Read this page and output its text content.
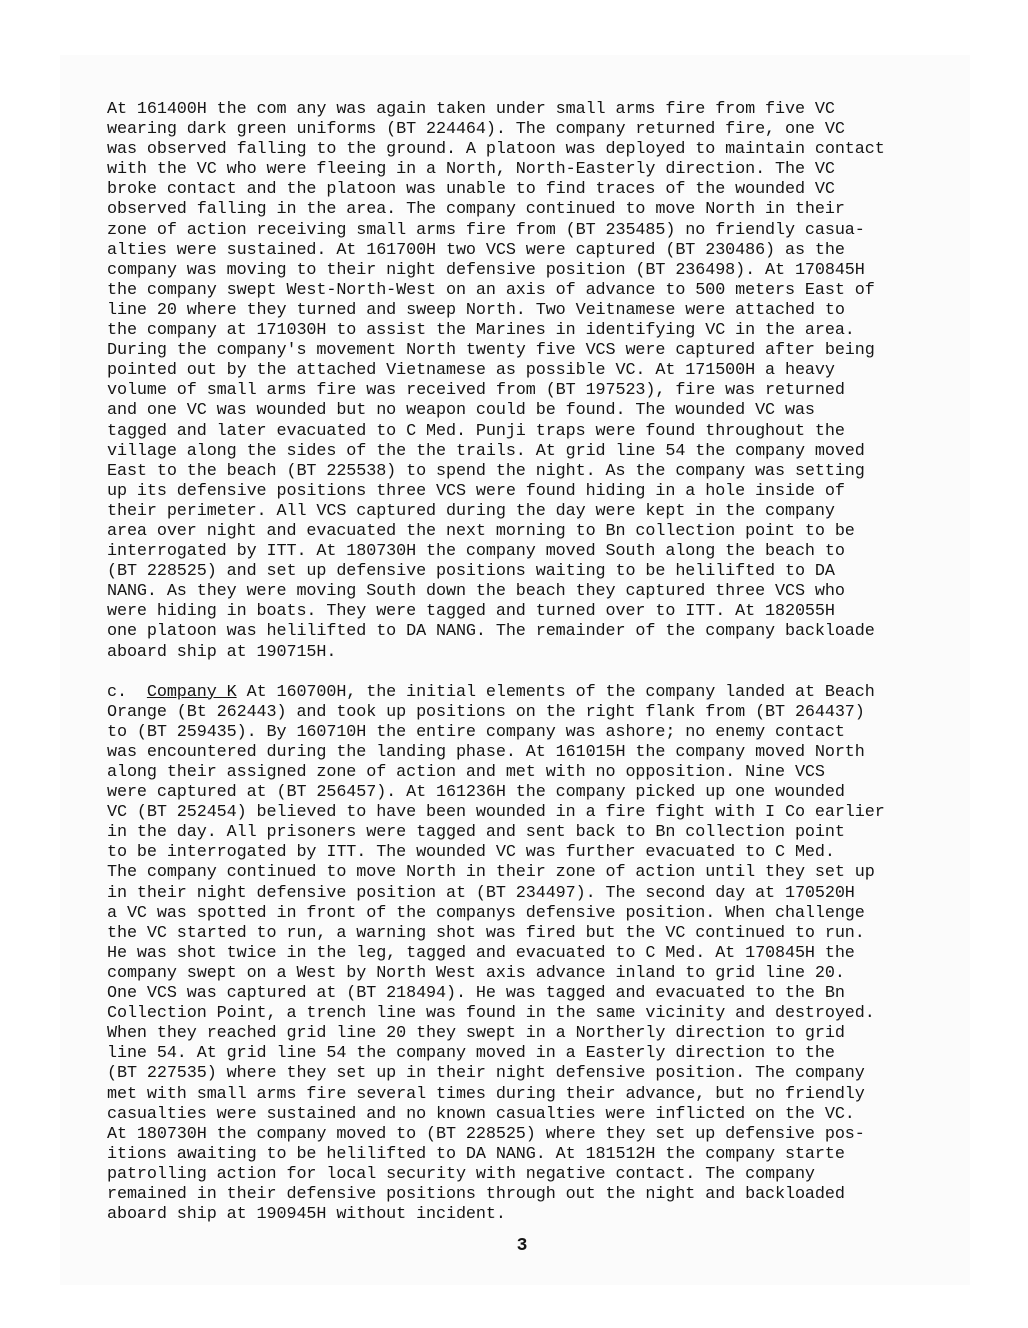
At 161400H the com any was again taken under small arms fire from five VC
wearing dark green uniforms (BT 224464). The company returned fire, one VC
was observed falling to the ground. A platoon was deployed to maintain contact
with the VC who were fleeing in a North, North-Easterly direction. The VC
broke contact and the platoon was unable to find traces of the wounded VC
observed falling in the area. The company continued to move North in their
zone of action receiving small arms fire from (BT 235485) no friendly casua-
alties were sustained. At 161700H two VCS were captured (BT 230486) as the
company was moving to their night defensive position (BT 236498). At 170845H
the company swept West-North-West on an axis of advance to 500 meters East of
line 20 where they turned and sweep North. Two Veitnamese were attached to
the company at 171030H to assist the Marines in identifying VC in the area.
During the company's movement North twenty five VCS were captured after being
pointed out by the attached Vietnamese as possible VC. At 171500H a heavy
volume of small arms fire was received from (BT 197523), fire was returned
and one VC was wounded but no weapon could be found. The wounded VC was
tagged and later evacuated to C Med. Punji traps were found throughout the
village along the sides of the the trails. At grid line 54 the company moved
East to the beach (BT 225538) to spend the night. As the company was setting
up its defensive positions three VCS were found hiding in a hole inside of
their perimeter. All VCS captured during the day were kept in the company
area over night and evacuated the next morning to Bn collection point to be
interrogated by ITT. At 180730H the company moved South along the beach to
(BT 228525) and set up defensive positions waiting to be helilifted to DA
NANG. As they were moving South down the beach they captured three VCS who
were hiding in boats. They were tagged and turned over to ITT. At 182055H
one platoon was helilifted to DA NANG. The remainder of the company backloade
aboard ship at 190715H.
c.  Company K At 160700H, the initial elements of the company landed at Beach
Orange (Bt 262443) and took up positions on the right flank from (BT 264437)
to (BT 259435). By 160710H the entire company was ashore; no enemy contact
was encountered during the landing phase. At 161015H the company moved North
along their assigned zone of action and met with no opposition. Nine VCS
were captured at (BT 256457). At 161236H the company picked up one wounded
VC (BT 252454) believed to have been wounded in a fire fight with I Co earlier
in the day. All prisoners were tagged and sent back to Bn collection point
to be interrogated by ITT. The wounded VC was further evacuated to C Med.
The company continued to move North in their zone of action until they set up
in their night defensive position at (BT 234497). The second day at 170520H
a VC was spotted in front of the companys defensive position. When challenge
the VC started to run, a warning shot was fired but the VC continued to run.
He was shot twice in the leg, tagged and evacuated to C Med. At 170845H the
company swept on a West by North West axis advance inland to grid line 20.
One VCS was captured at (BT 218494). He was tagged and evacuated to the Bn
Collection Point, a trench line was found in the same vicinity and destroyed.
When they reached grid line 20 they swept in a Northerly direction to grid
line 54. At grid line 54 the company moved in a Easterly direction to the
(BT 227535) where they set up in their night defensive position. The company
met with small arms fire several times during their advance, but no friendly
casualties were sustained and no known casualties were inflicted on the VC.
At 180730H the company moved to (BT 228525) where they set up defensive pos-
itions awaiting to be helilifted to DA NANG. At 181512H the company starte
patrolling action for local security with negative contact. The company
remained in their defensive positions through out the night and backloaded
aboard ship at 190945H without incident.
3
